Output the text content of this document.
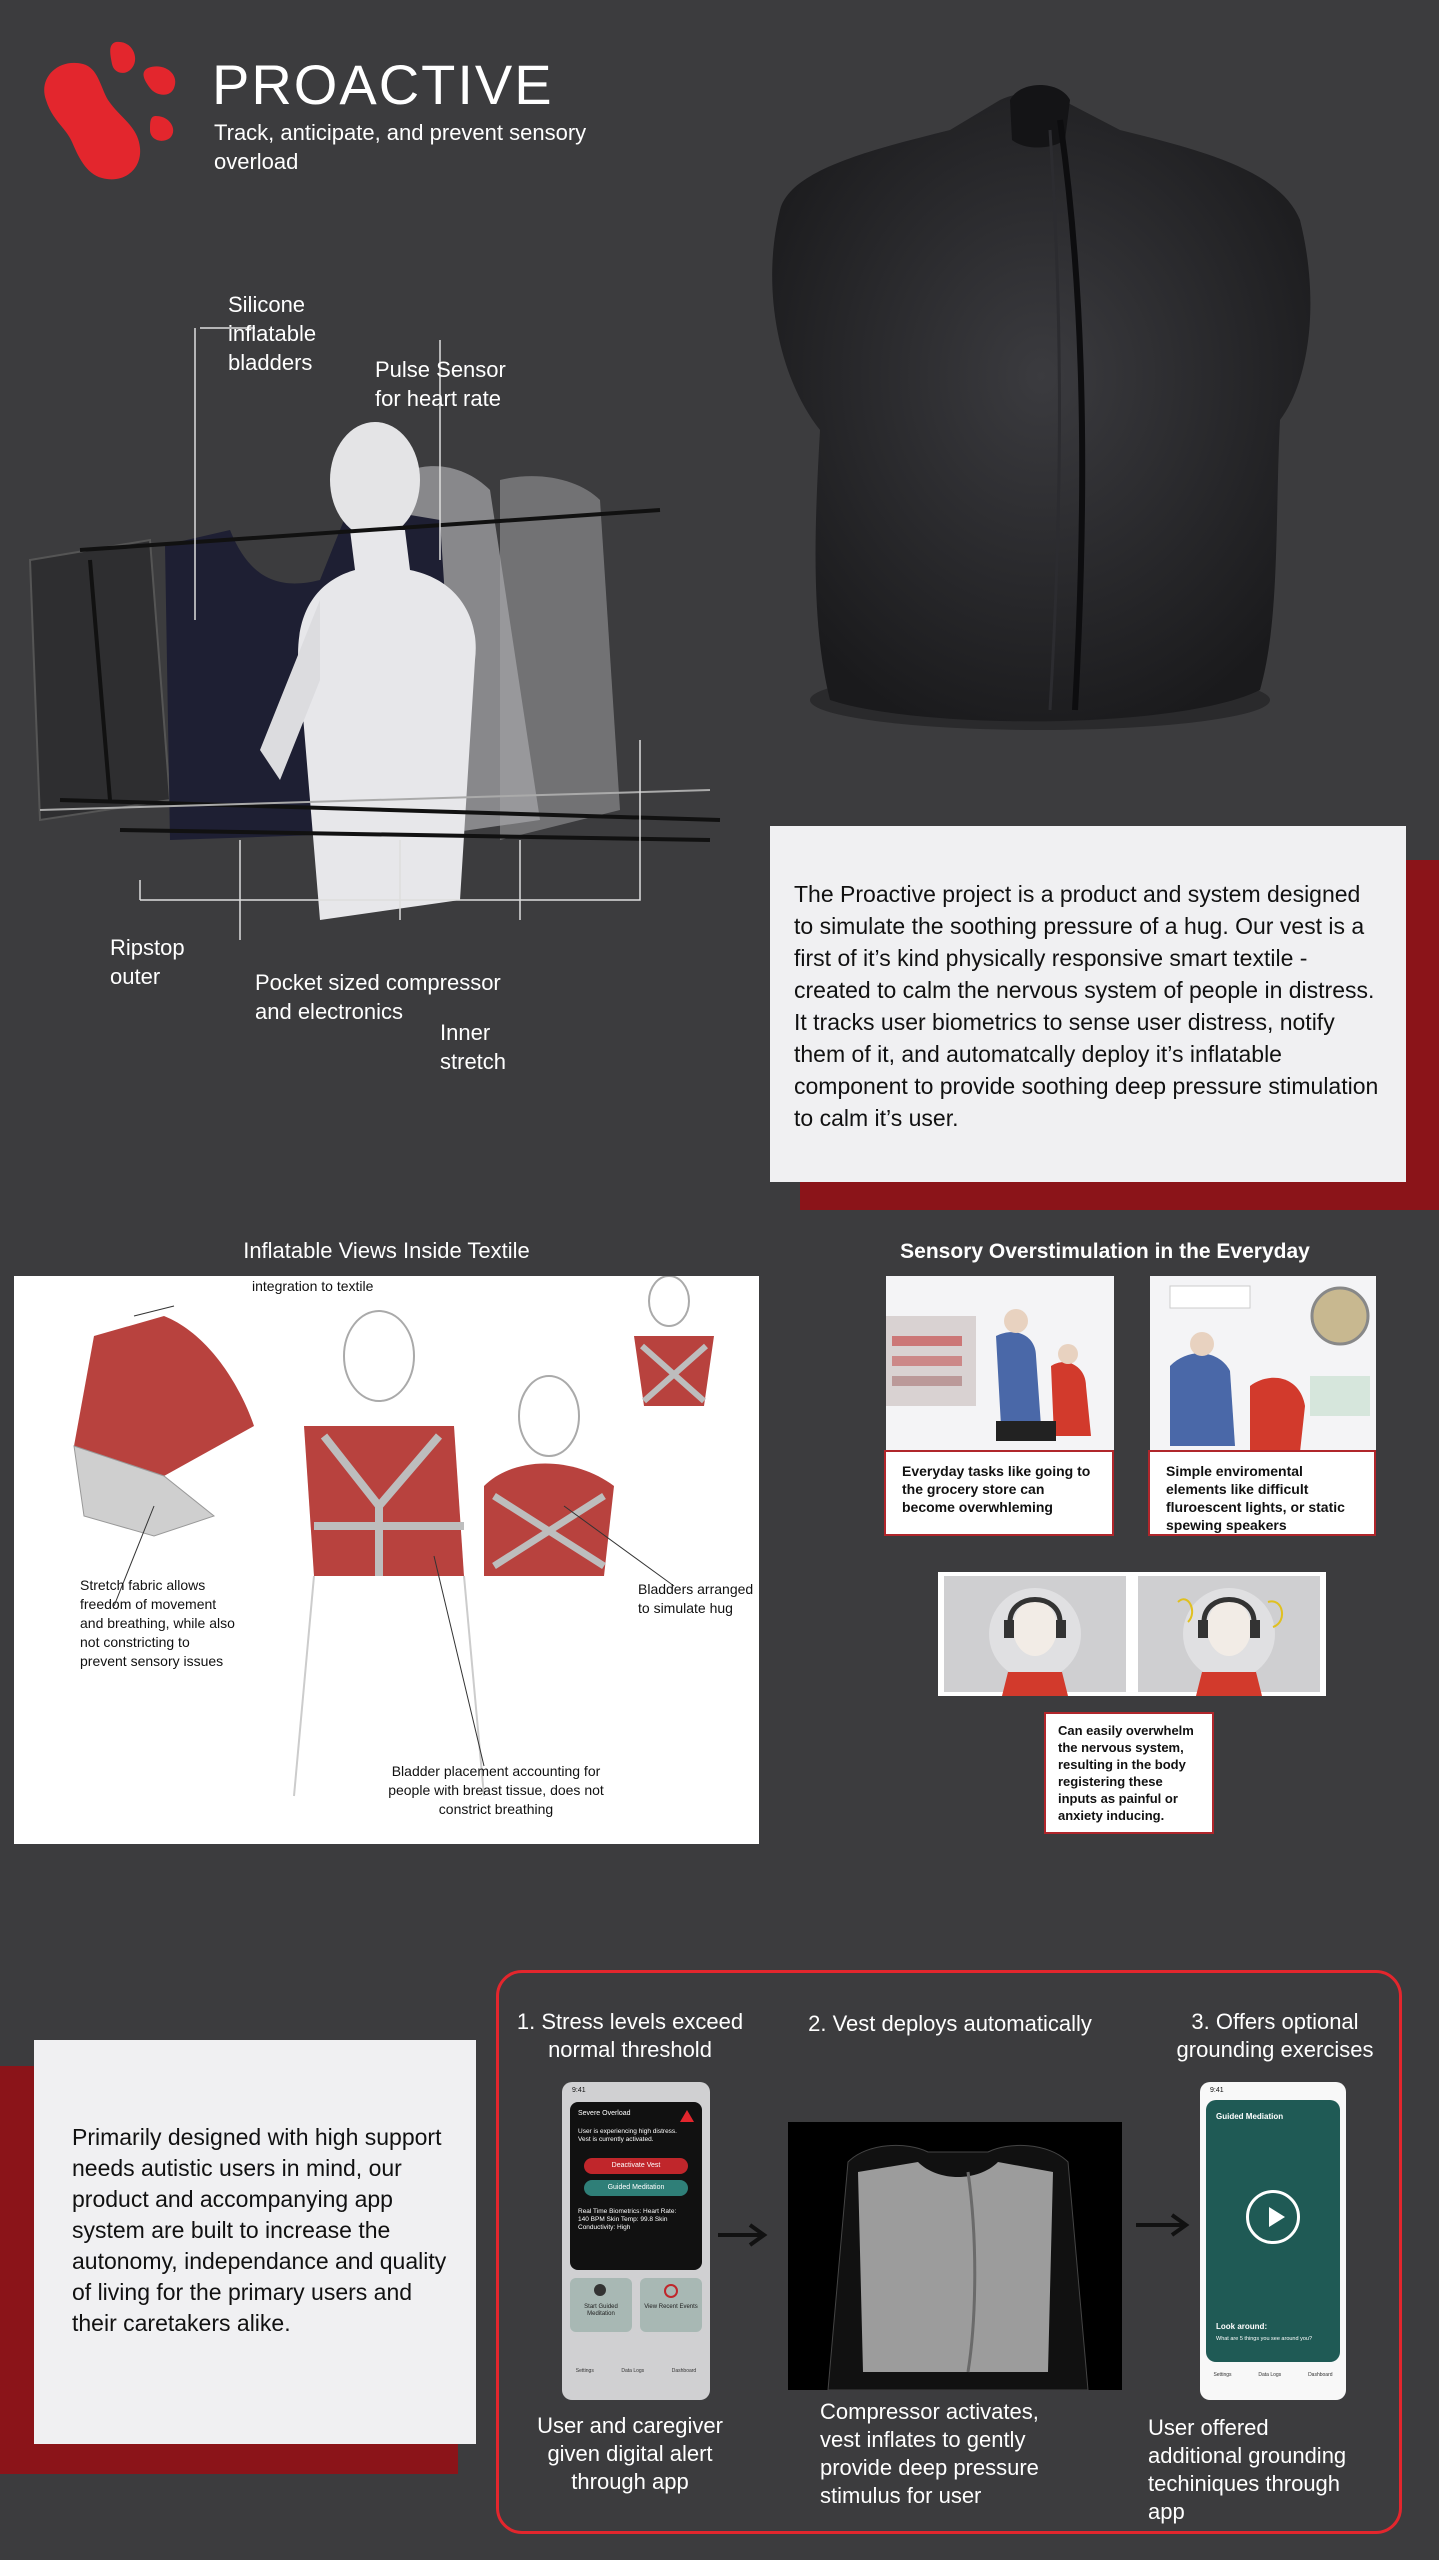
PROACTIVE
Track, anticipate, and prevent sensory overload
Silicone inflatable bladders	Pulse Sensor for heart rate
Ripstop outer	Pocket sized compressor and electronics
Inner stretch
The Proactive project is a product and system designed to simulate the soothing pressure of a hug. Our vest is a first of it’s kind physically responsive smart textile - created to calm the nervous system of people in distress. It tracks user biometrics to sense user distress, notify them of it, and automatcally deploy it’s inflatable component to provide soothing deep pressure stimulation to calm it’s user.
Inflatable Views Inside Textile
integration to textile
Stretch fabric allows freedom of movement and breathing, while also not constricting to prevent sensory issues
Bladders arranged to simulate hug
Bladder placement accounting for people with breast tissue, does not constrict breathing
Sensory Overstimulation in the Everyday
Everyday tasks like going to the grocery store can become overwhleming
Simple enviromental elements like difficult fluroescent lights, or static spewing speakers
Can easily overwhelm the nervous system, resulting in the body registering these inputs as painful or anxiety inducing.
Primarily designed with high support needs autistic users in mind, our product and accompanying app system are built to increase the autonomy, independance and quality of living for the primary users and their caretakers alike.
1. Stress levels exceed normal threshold
2. Vest deploys automatically	3. Offers optional grounding exercises
9:41
Severe Overload
User is experiencing high distress. Vest is currently activated.
Deactivate Vest
Guided Meditation
Real Time Biometrics: Heart Rate: 140 BPM Skin Temp: 99.8 Skin Conductivity: High
Start Guided Meditation
View Recent Events
Settings	Data Logs	Dashboard
9:41
Guided Mediation
Look around:
What are 5 things you see around you?
Settings	Data Logs	Dashboard
User and caregiver given digital alert through app
Compressor activates, vest inflates to gently provide deep pressure stimulus for user
User offered additional grounding techiniques through app
